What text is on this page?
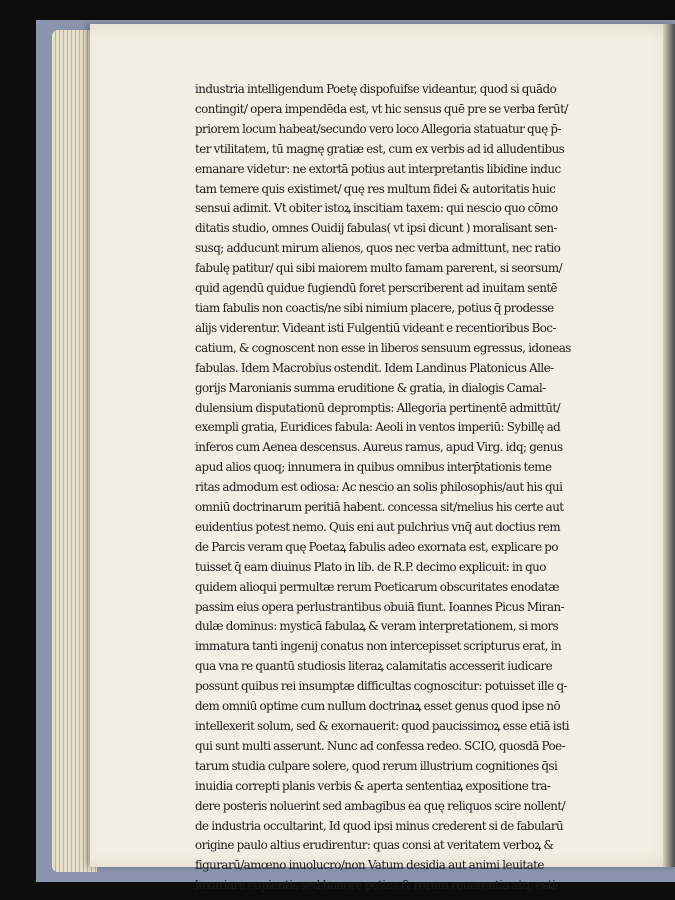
industria intelligendum Poetę dispofuifse videantur, quod si quādo
contingit/ opera impendēda est, vt hic sensus quē pre se verba ferūt/
priorem locum habeat/secundo vero loco Allegoria statuatur quę p̄-
ter vtilitatem, tū magnę gratiæ est, cum ex verbis ad id alludentibus
emanare videtur: ne extortā potius aut interpretantis libidine induc
tam temere quis existimet/ quę res multum fidei & autoritatis huic
sensui adimit. Vt obiter istoꝝ inscitiam taxem: qui nescio quo cōmo
ditatis studio, omnes Ouidij fabulas( vt ipsi dicunt ) moralisant sen-
susq; adducunt mirum alienos, quos nec verba admittunt, nec ratio
fabulę patitur/ qui sibi maiorem multo famam parerent, si seorsum/
quid agendū quidue fugiendū foret perscriberent ad inuitam sentē
tiam fabulis non coactis/ne sibi nimium placere, potius q̄ prodesse
alijs viderentur. Videant isti Fulgentiū videant e recentioribus Boc-
catium, & cognoscent non esse in liberos sensuum egressus, idoneas
fabulas. Idem Macrobius ostendit. Idem Landinus Platonicus Alle-
gorijs Maronianis summa eruditione & gratia, in dialogis Camal-
dulensium disputationū depromptis: Allegoria pertinentē admittūt/
exempli gratia, Euridices fabula: Aeoli in ventos imperiū: Sybillę ad
inferos cum Aenea descensus. Aureus ramus, apud Virg. idq; genus
apud alios quoq; innumera in quibus omnibus interp̄tationis teme
ritas admodum est odiosa: Ac nescio an solis philosophis/aut his qui
omniū doctrinarum peritiā habent. concessa sit/melius his certe aut
euidentius potest nemo. Quis eni aut pulchrius vnq̄ aut doctius rem
de Parcis veram quę Poetaꝝ fabulis adeo exornata est, explicare po
tuisset q̄ eam diuinus Plato in lib. de R.P. decimo explicuit: in quo
quidem alioqui permultæ rerum Poeticarum obscuritates enodatæ
passim eius opera perlustrantibus obuiā fiunt. Ioannes Picus Miran-
dulæ dominus: mysticā fabulaꝝ & veram interpretationem, si mors
immatura tanti ingenij conatus non intercepisset scripturus erat, in
qua vna re quantū studiosis literaꝝ calamitatis accesserit iudicare
possunt quibus rei insumptæ difficultas cognoscitur: potuisset ille q-
dem omniū optime cum nullum doctrinaꝝ esset genus quod ipse nō
intellexerit solum, sed & exornauerit: quod paucissimoꝝ esse etiā isti
qui sunt multi asserunt. Nunc ad confessa redeo. SCIO, quosdā Poe-
tarum studia culpare solere, quod rerum illustrium cognitiones q̄si
inuidia correpti planis verbis & aperta sententiaꝝ expositione tra-
dere posteris noluerint sed ambagibus ea quę reliquos scire nollent/
de industria occultarint, Id quod ipsi minus crederent si de fabularū
origine paulo altius erudirentur: quas consi at veritatem verboꝝ &
figurarū/amœno inuolucro/non Vatum desidia aut animi leuitate
luxuriare cupientis sed honore potius & rerum reuerentia atq; esti-
